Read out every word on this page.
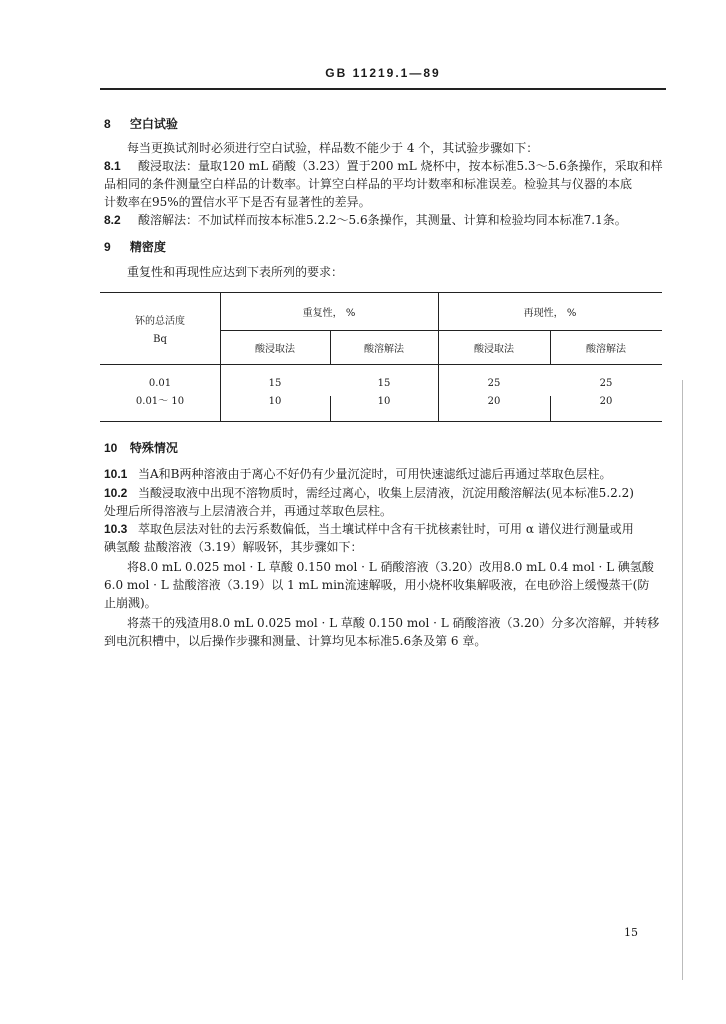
GB 11219.1—89
8 空白试验
每当更换试剂时必须进行空白试验，样品数不能少于 4 个，其试验步骤如下：
8.1 酸浸取法：量取120 mL 硝酸（3.23）置于200 mL 烧杯中，按本标准5.3～5.6条操作，采取和样
品相同的条件测量空白样品的计数率。计算空白样品的平均计数率和标准误差。检验其与仪器的本底
计数率在95%的置信水平下是否有显著性的差异。
8.2 酸溶解法：不加试样而按本标准5.2.2～5.6条操作，其测量、计算和检验均同本标准7.1条。
9 精密度
重复性和再现性应达到下表所列的要求：
钚的总活度
Bq
重复性， %	再现性， %
酸浸取法	酸溶解法	酸浸取法	酸溶解法
0.01	15	15	25	25
0.01～ 10	10	10	20	20
10 特殊情况
10.1 当A和B两种溶液由于离心不好仍有少量沉淀时，可用快速滤纸过滤后再通过萃取色层柱。
10.2 当酸浸取液中出现不溶物质时，需经过离心，收集上层清液，沉淀用酸溶解法(见本标准5.2.2)
处理后所得溶液与上层清液合并，再通过萃取色层柱。
10.3 萃取色层法对钍的去污系数偏低，当土壤试样中含有干扰核素钍时，可用 α 谱仪进行测量或用
碘氢酸 盐酸溶液（3.19）解吸钚，其步骤如下：
将8.0 mL 0.025 mol · L 草酸 0.150 mol · L 硝酸溶液（3.20）改用8.0 mL 0.4 mol · L 碘氢酸
6.0 mol · L 盐酸溶液（3.19）以 1 mL min流速解吸，用小烧杯收集解吸液，在电砂浴上缓慢蒸干(防
止崩溅)。
将蒸干的残渣用8.0 mL 0.025 mol · L 草酸 0.150 mol · L 硝酸溶液（3.20）分多次溶解，并转移
到电沉积槽中，以后操作步骤和测量、计算均见本标准5.6条及第 6 章。
15
